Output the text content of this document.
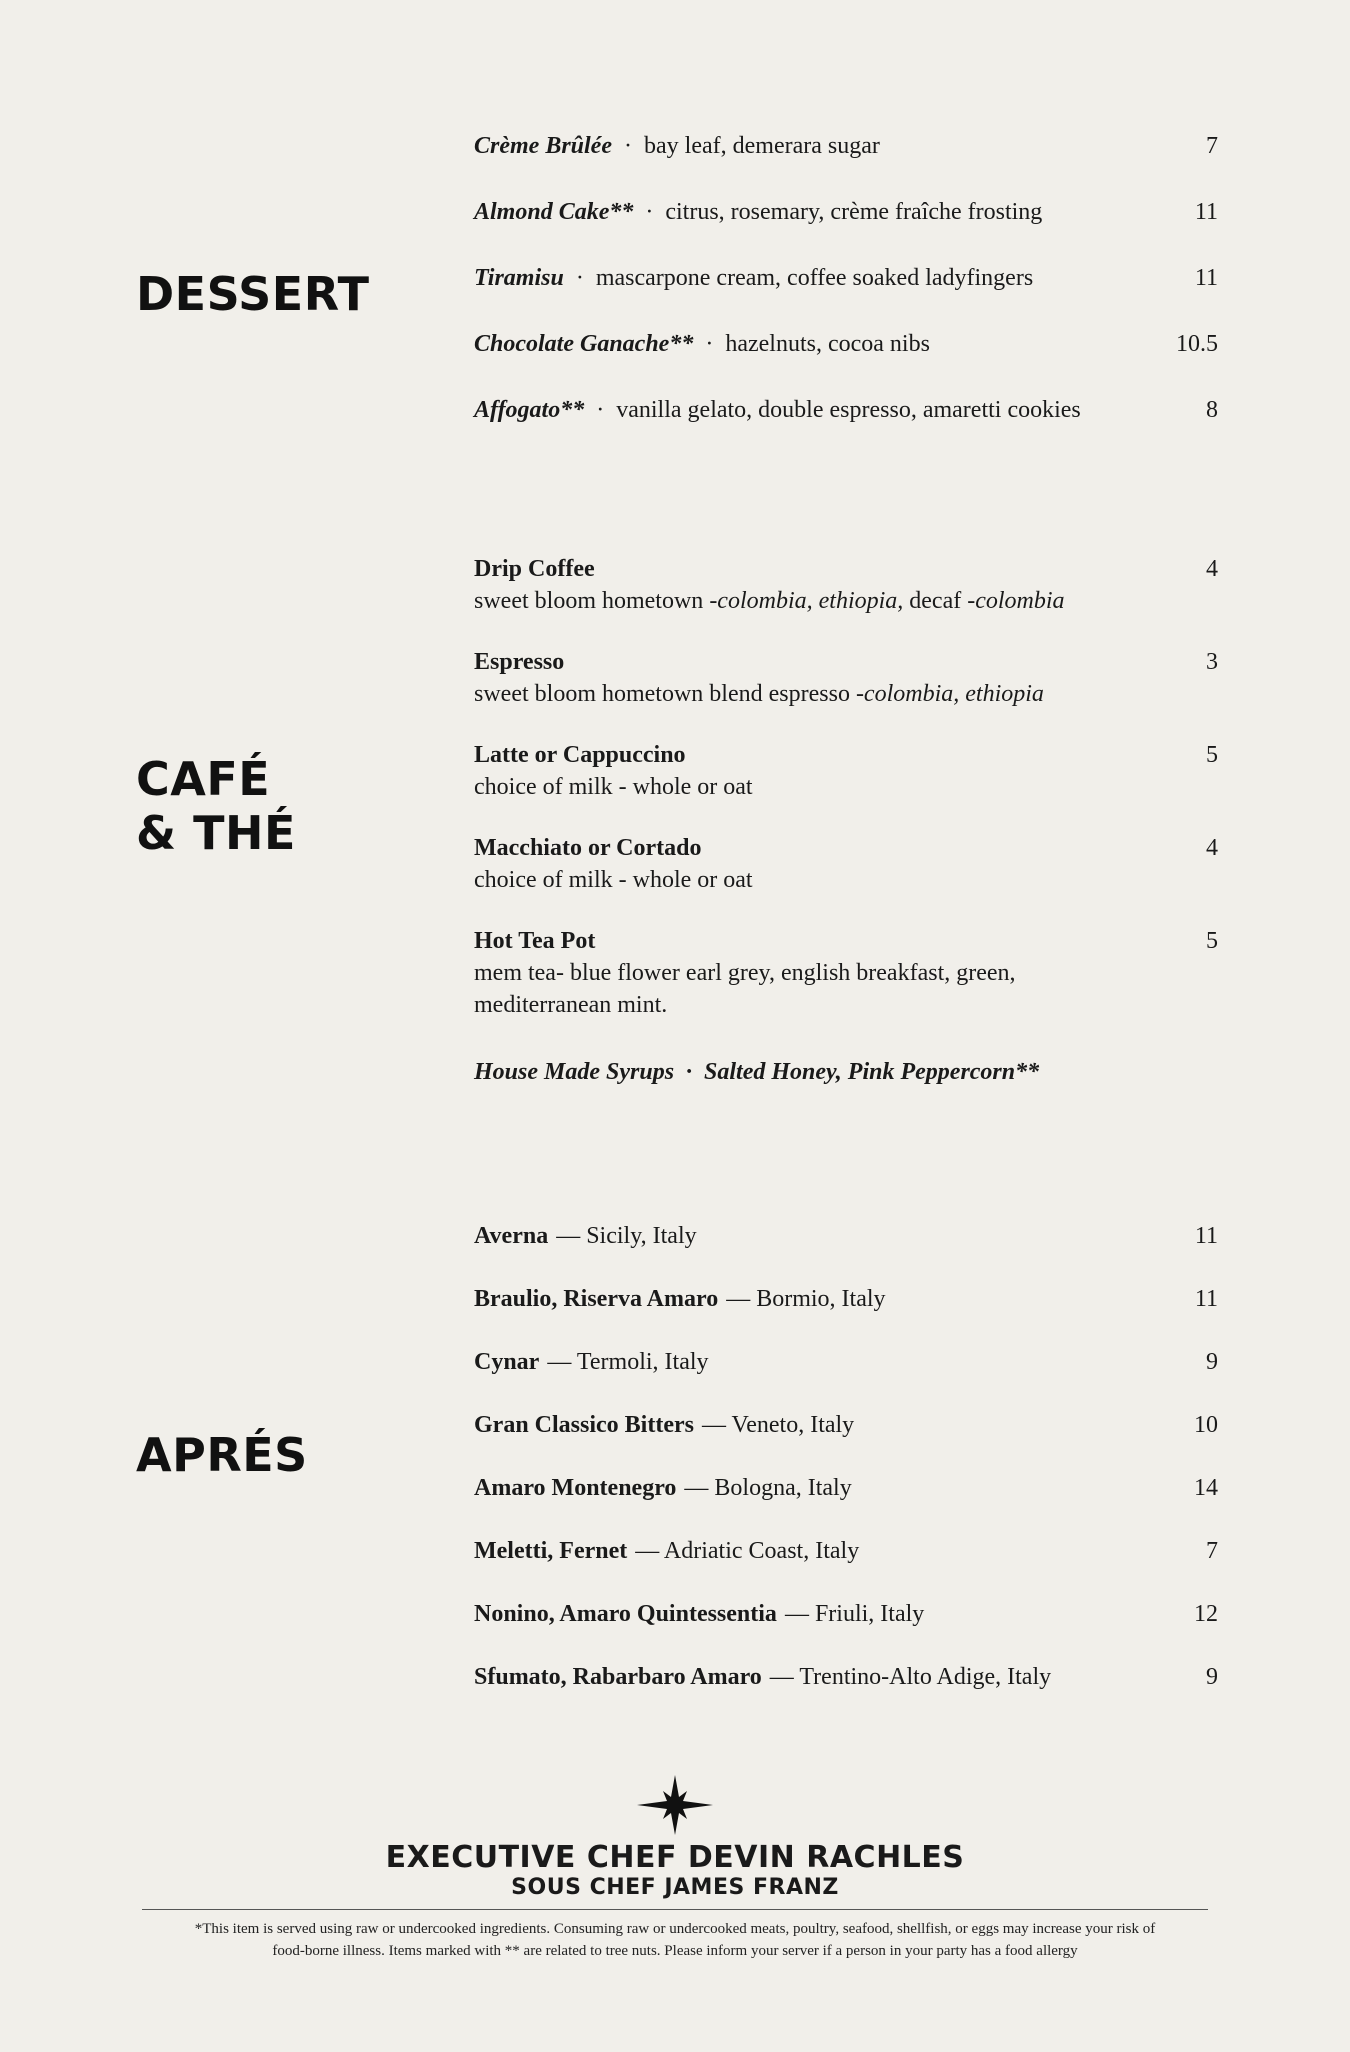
DESSERT
Crème Brûlée · bay leaf, demerara sugar	7
Almond Cake** · citrus, rosemary, crème fraîche frosting	11
Tiramisu · mascarpone cream, coffee soaked ladyfingers	11
Chocolate Ganache** · hazelnuts, cocoa nibs	10.5
Affogato** · vanilla gelato, double espresso, amaretti cookies	8
CAFÉ
& THÉ
Drip Coffee
sweet bloom hometown -colombia, ethiopia, decaf -colombia
4
Espresso
sweet bloom hometown blend espresso -colombia, ethiopia
3
Latte or Cappuccino
choice of milk - whole or oat
5
Macchiato or Cortado
choice of milk - whole or oat
4
Hot Tea Pot
mem tea- blue flower earl grey, english breakfast, green,
mediterranean mint.
5
House Made Syrups · Salted Honey, Pink Peppercorn**
APRÉS
Averna — Sicily, Italy	11
Braulio, Riserva Amaro — Bormio, Italy	11
Cynar — Termoli, Italy	9
Gran Classico Bitters — Veneto, Italy	10
Amaro Montenegro — Bologna, Italy	14
Meletti, Fernet — Adriatic Coast, Italy	7
Nonino, Amaro Quintessentia — Friuli, Italy	12
Sfumato, Rabarbaro Amaro — Trentino-Alto Adige, Italy	9
EXECUTIVE CHEF DEVIN RACHLES
SOUS CHEF JAMES FRANZ
*This item is served using raw or undercooked ingredients. Consuming raw or undercooked meats, poultry, seafood, shellfish, or eggs may increase your risk of
food-borne illness. Items marked with ** are related to tree nuts. Please inform your server if a person in your party has a food allergy
